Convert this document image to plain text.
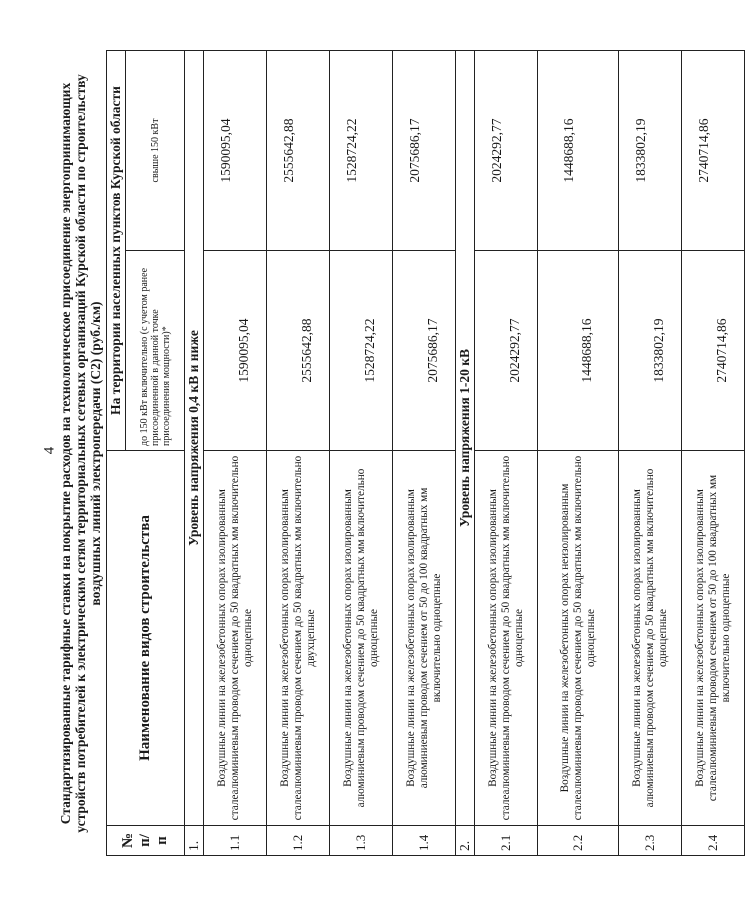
4 Стандартизированные тарифные ставки на покрытие расходов на технологическое присоединение энергопринимающих устройств потребителей к электрическим сетям территориальных сетевых организаций Курской области по строительству воздушных линий электропередачи (С2) (руб./км)
№ п/п	Наименование видов строительства	На территории населенных пунктов Курской области	
		до 150 кВт включительно (с учетом ранее присоединенной в данной точке присоединения мощности)*	свыше 150 кВт
1.	Уровень напряжения 0,4 кВ и ниже		
1.1	Воздушные линии на железобетонных опорах изолированным сталеалюминиевым проводом сечением до 50 квадратных мм включительно одноцепные	1590095,04	1590095,04
1.2	Воздушные линии на железобетонных опорах изолированным сталеалюминиевым проводом сечением до 50 квадратных мм включительно двухцепные	2555642,88	2555642,88
1.3	Воздушные линии на железобетонных опорах изолированным алюминиевым проводом сечением до 50 квадратных мм включительно одноцепные	1528724,22	1528724,22
1.4	Воздушные линии на железобетонных опорах изолированным алюминиевым проводом сечением от 50 до 100 квадратных мм включительно одноцепные	2075686,17	2075686,17
2.	Уровень напряжения 1-20 кВ		
2.1	Воздушные линии на железобетонных опорах изолированным сталеалюминиевым проводом сечением до 50 квадратных мм включительно одноцепные	2024292,77	2024292,77
2.2	Воздушные линии на железобетонных опорах неизолированным сталеалюминиевым проводом сечением до 50 квадратных мм включительно одноцепные	1448688,16	1448688,16
2.3	Воздушные линии на железобетонных опорах изолированным алюминиевым проводом сечением до 50 квадратных мм включительно одноцепные	1833802,19	1833802,19
2.4	Воздушные линии на железобетонных опорах изолированным сталеалюминиевым проводом сечением от 50 до 100 квадратных мм включительно одноцепные	2740714,86	2740714,86
